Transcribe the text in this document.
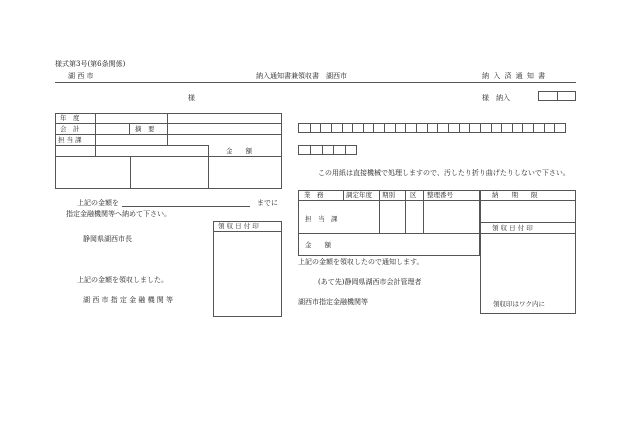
様式第3号(第6条関係)
湖 西 市	納入通知書兼領収書　湖西市	納 入 済 通 知 書
様
年　度
会　計	摘　要
担 当 課
金　　額
上記の金額を	までに
指定金融機関等へ納めて下さい。
領 収 日 付 印
静岡県湖西市長
上記の金額を領収しました。
湖 西 市 指 定 金 融 機 関 等
様　納入
この用紙は直接機械で処理しますので、汚したり折り曲げたりしないで下さい。
業　務	調定年度 期別 区 整理番号
担　当　課
金　　額
納　　期　　限
領 収 日 付 印
領収印はワク内に
上記の金額を領収したので通知します。
(あて先)静岡県湖西市会計管理者
湖西市指定金融機関等
